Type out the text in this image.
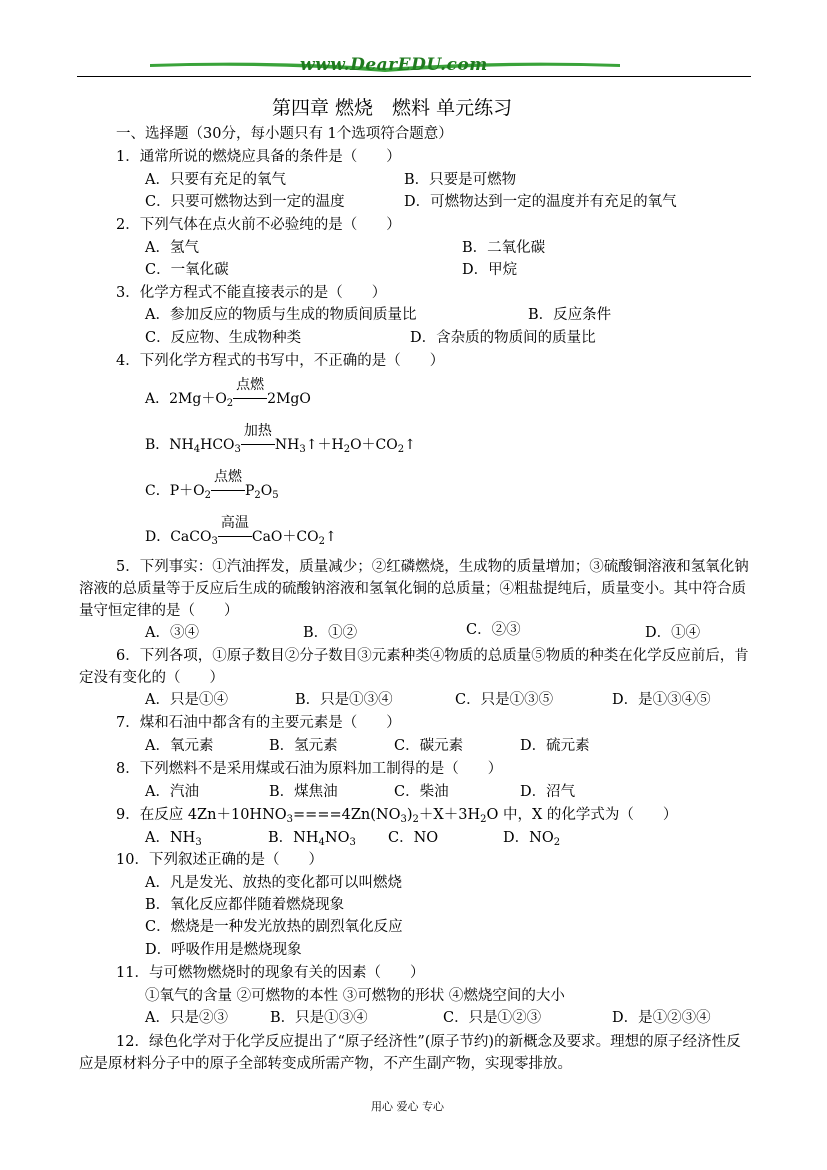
www.DearEDU.com
第四章 燃烧　燃料 单元练习
一、选择题（30分，每小题只有 1个选项符合题意）
1．通常所说的燃烧应具备的条件是（　　）
A．只要有充足的氧气	B．只要是可燃物
C．只要可燃物达到一定的温度	D．可燃物达到一定的温度并有充足的氧气
2．下列气体在点火前不必验纯的是（　　）
A．氢气	B．二氧化碳
C．一氧化碳	D．甲烷
3．化学方程式不能直接表示的是（　　）
A．参加反应的物质与生成的物质间质量比	B．反应条件
C．反应物、生成物种类	D．含杂质的物质间的质量比
4．下列化学方程式的书写中，不正确的是（　　）
A．$2Mg+O_2$
点燃
2MgO
B．$NH_4HCO_3$
加热
$NH_3↑+H_2O+CO_2↑$
C．$P+O_2$
点燃
$P_2O_5$
D．CaCO$_3$
高温
$CaO+CO_2↑$
5．下列事实：①汽油挥发，质量减少；②红磷燃烧，生成物的质量增加；③硫酸铜溶液和氢氧化钠溶液的总质量等于反应后生成的硫酸钠溶液和氢氧化铜的总质量；④粗盐提纯后，质量变小。其中符合质量守恒定律的是（　　）
A．③④	B．①②	C．②③	D．①④
6．下列各项，①原子数目②分子数目③元素种类④物质的总质量⑤物质的种类在化学反应前后，肯定没有变化的（　　）
A．只是①④	B．只是①③④	C．只是①③⑤	D．是①③④⑤
7．煤和石油中都含有的主要元素是（　　）
A．氧元素	B．氢元素	C．碳元素	D．硫元素
8．下列燃料不是采用煤或石油为原料加工制得的是（　　）
A．汽油	B．煤焦油	C．柴油	D．沼气
9．在反应 $4Zn+10HNO_3====4Zn(NO_3)_2+X+3H_2O$ 中，X 的化学式为（　　）
A．$NH_3$	B．$NH_4NO_3$ C．NO	D．$NO_2$
10．下列叙述正确的是（　　）
A．凡是发光、放热的变化都可以叫燃烧
B．氧化反应都伴随着燃烧现象
C．燃烧是一种发光放热的剧烈氧化反应
D．呼吸作用是燃烧现象
11．与可燃物燃烧时的现象有关的因素（　　）
①氧气的含量 ②可燃物的本性 ③可燃物的形状 ④燃烧空间的大小
A．只是②③	B．只是①③④	C．只是①②③	D．是①②③④
12．绿色化学对于化学反应提出了“原子经济性”(原子节约)的新概念及要求。理想的原子经济性反应是原材料分子中的原子全部转变成所需产物，不产生副产物，实现零排放。
用心 爱心 专心
